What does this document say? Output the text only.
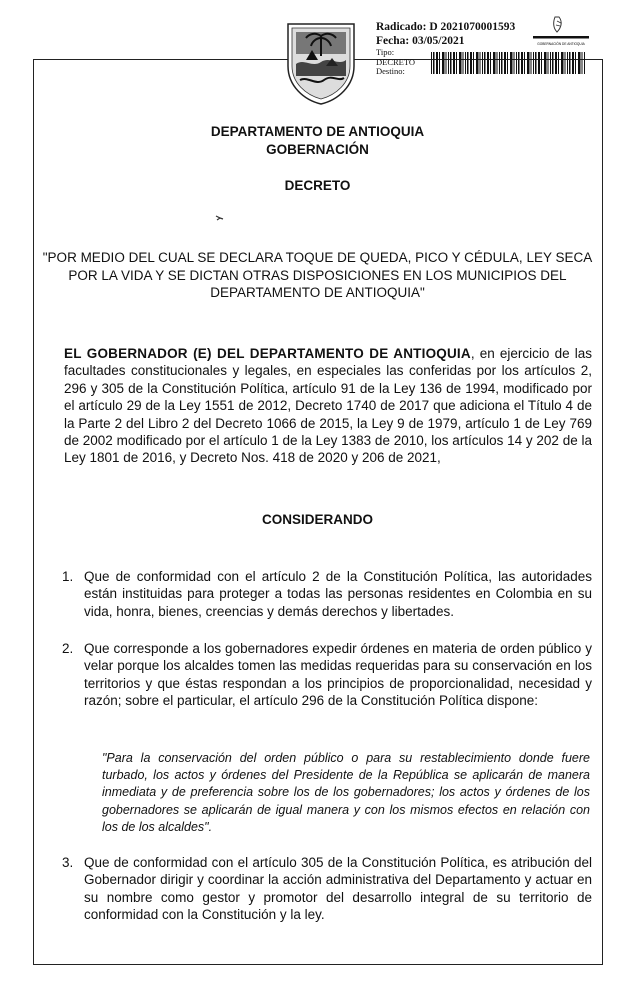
Radicado: D 2021070001593
Fecha: 03/05/2021
Tipo:
DECRETO
Destino:
GOBERNACIÓN DE ANTIOQUIA
DEPARTAMENTO DE ANTIOQUIA
GOBERNACIÓN
DECRETO
"POR MEDIO DEL CUAL SE DECLARA TOQUE DE QUEDA, PICO Y CÉDULA, LEY SECA POR LA VIDA Y SE DICTAN OTRAS DISPOSICIONES EN LOS MUNICIPIOS DEL DEPARTAMENTO DE ANTIOQUIA"
EL GOBERNADOR (E) DEL DEPARTAMENTO DE ANTIOQUIA, en ejercicio de las facultades constitucionales y legales, en especiales las conferidas por los artículos 2, 296 y 305 de la Constitución Política, artículo 91 de la Ley 136 de 1994, modificado por el artículo 29 de la Ley 1551 de 2012, Decreto 1740 de 2017 que adiciona el Título 4 de la Parte 2 del Libro 2 del Decreto 1066 de 2015, la Ley 9 de 1979, artículo 1 de Ley 769 de 2002 modificado por el artículo 1 de la Ley 1383 de 2010, los artículos 14 y 202 de la Ley 1801 de 2016, y Decreto Nos. 418 de 2020 y 206 de 2021,
CONSIDERANDO
1. Que de conformidad con el artículo 2 de la Constitución Política, las autoridades están instituidas para proteger a todas las personas residentes en Colombia en su vida, honra, bienes, creencias y demás derechos y libertades.
2. Que corresponde a los gobernadores expedir órdenes en materia de orden público y velar porque los alcaldes tomen las medidas requeridas para su conservación en los territorios y que éstas respondan a los principios de proporcionalidad, necesidad y razón; sobre el particular, el artículo 296 de la Constitución Política dispone:
"Para la conservación del orden público o para su restablecimiento donde fuere turbado, los actos y órdenes del Presidente de la República se aplicarán de manera inmediata y de preferencia sobre los de los gobernadores; los actos y órdenes de los gobernadores se aplicarán de igual manera y con los mismos efectos en relación con los de los alcaldes".
3. Que de conformidad con el artículo 305 de la Constitución Política, es atribución del Gobernador dirigir y coordinar la acción administrativa del Departamento y actuar en su nombre como gestor y promotor del desarrollo integral de su territorio de conformidad con la Constitución y la ley.
